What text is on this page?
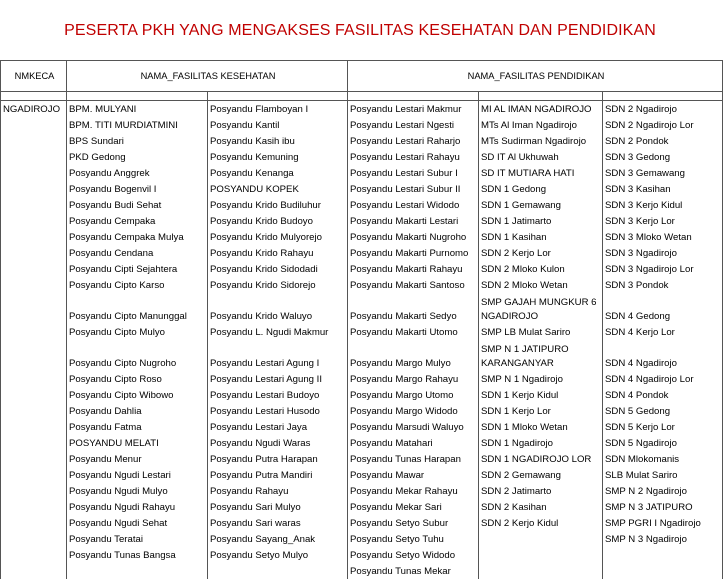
PESERTA PKH YANG MENGAKSES FASILITAS KESEHATAN DAN PENDIDIKAN
NMKECA	NAMA_FASILITAS KESEHATAN		NAMA_FASILITAS PENDIDIKAN		

NGADIROJO	BPM. MULYANI	Posyandu Flamboyan I	Posyandu Lestari Makmur	MI AL IMAN NGADIROJO	SDN 2 Ngadirojo
	BPM. TITI MURDIATMINI	Posyandu Kantil	Posyandu Lestari Ngesti	MTs Al Iman Ngadirojo	SDN 2 Ngadirojo Lor
	BPS Sundari	Posyandu Kasih ibu	Posyandu Lestari Raharjo	MTs Sudirman Ngadirojo	SDN 2 Pondok
	PKD Gedong	Posyandu Kemuning	Posyandu Lestari Rahayu	SD IT Al Ukhuwah	SDN 3 Gedong
	Posyandu Anggrek	Posyandu Kenanga	Posyandu Lestari Subur I	SD IT MUTIARA HATI	SDN 3 Gemawang
	Posyandu Bogenvil I	POSYANDU KOPEK	Posyandu Lestari Subur II	SDN 1 Gedong	SDN 3 Kasihan
	Posyandu Budi Sehat	Posyandu Krido Budiluhur	Posyandu Lestari Widodo	SDN 1 Gemawang	SDN 3 Kerjo Kidul
	Posyandu Cempaka	Posyandu Krido Budoyo	Posyandu Makarti Lestari	SDN 1 Jatimarto	SDN 3 Kerjo Lor
	Posyandu Cempaka Mulya	Posyandu Krido Mulyorejo	Posyandu Makarti Nugroho	SDN 1 Kasihan	SDN 3 Mloko Wetan
	Posyandu Cendana	Posyandu Krido Rahayu	Posyandu Makarti Purnomo	SDN 2 Kerjo Lor	SDN 3 Ngadirojo
	Posyandu Cipti Sejahtera	Posyandu Krido Sidodadi	Posyandu Makarti Rahayu	SDN 2 Mloko Kulon	SDN 3 Ngadirojo Lor
	Posyandu Cipto Karso	Posyandu Krido Sidorejo	Posyandu Makarti Santoso	SDN 2 Mloko Wetan	SDN 3 Pondok
	Posyandu Cipto Manunggal	Posyandu Krido Waluyo	Posyandu Makarti Sedyo	SMP GAJAH MUNGKUR 6 NGADIROJO	SDN 4 Gedong
	Posyandu Cipto Mulyo	Posyandu L. Ngudi Makmur	Posyandu Makarti Utomo	SMP LB Mulat Sariro	SDN 4 Kerjo Lor
	Posyandu Cipto Nugroho	Posyandu Lestari Agung I	Posyandu Margo Mulyo	SMP N 1 JATIPURO KARANGANYAR	SDN 4 Ngadirojo
	Posyandu Cipto Roso	Posyandu Lestari Agung II	Posyandu Margo Rahayu	SMP N 1 Ngadirojo	SDN 4 Ngadirojo Lor
	Posyandu Cipto Wibowo	Posyandu Lestari Budoyo	Posyandu Margo Utomo	SDN 1 Kerjo Kidul	SDN 4 Pondok
	Posyandu Dahlia	Posyandu Lestari Husodo	Posyandu Margo Widodo	SDN 1 Kerjo Lor	SDN 5 Gedong
	Posyandu Fatma	Posyandu Lestari Jaya	Posyandu Marsudi Waluyo	SDN 1 Mloko Wetan	SDN 5 Kerjo Lor
	POSYANDU MELATI	Posyandu Ngudi Waras	Posyandu Matahari	SDN 1 Ngadirojo	SDN 5 Ngadirojo
	Posyandu Menur	Posyandu Putra Harapan	Posyandu Tunas Harapan	SDN 1 NGADIROJO LOR	SDN Mlokomanis
	Posyandu Ngudi Lestari	Posyandu Putra Mandiri	Posyandu Mawar	SDN 2 Gemawang	SLB Mulat Sariro
	Posyandu Ngudi Mulyo	Posyandu Rahayu	Posyandu Mekar Rahayu	SDN 2 Jatimarto	SMP N 2 Ngadirojo
	Posyandu Ngudi Rahayu	Posyandu Sari Mulyo	Posyandu Mekar Sari	SDN 2 Kasihan	SMP N 3 JATIPURO
	Posyandu Ngudi Sehat	Posyandu Sari waras	Posyandu Setyo Subur	SDN 2 Kerjo Kidul	SMP PGRI I Ngadirojo
	Posyandu Teratai	Posyandu Sayang_Anak	Posyandu Setyo Tuhu		SMP N 3 Ngadirojo
	Posyandu Tunas Bangsa	Posyandu Setyo Mulyo	Posyandu Setyo Widodo		
			Posyandu Tunas Mekar		
